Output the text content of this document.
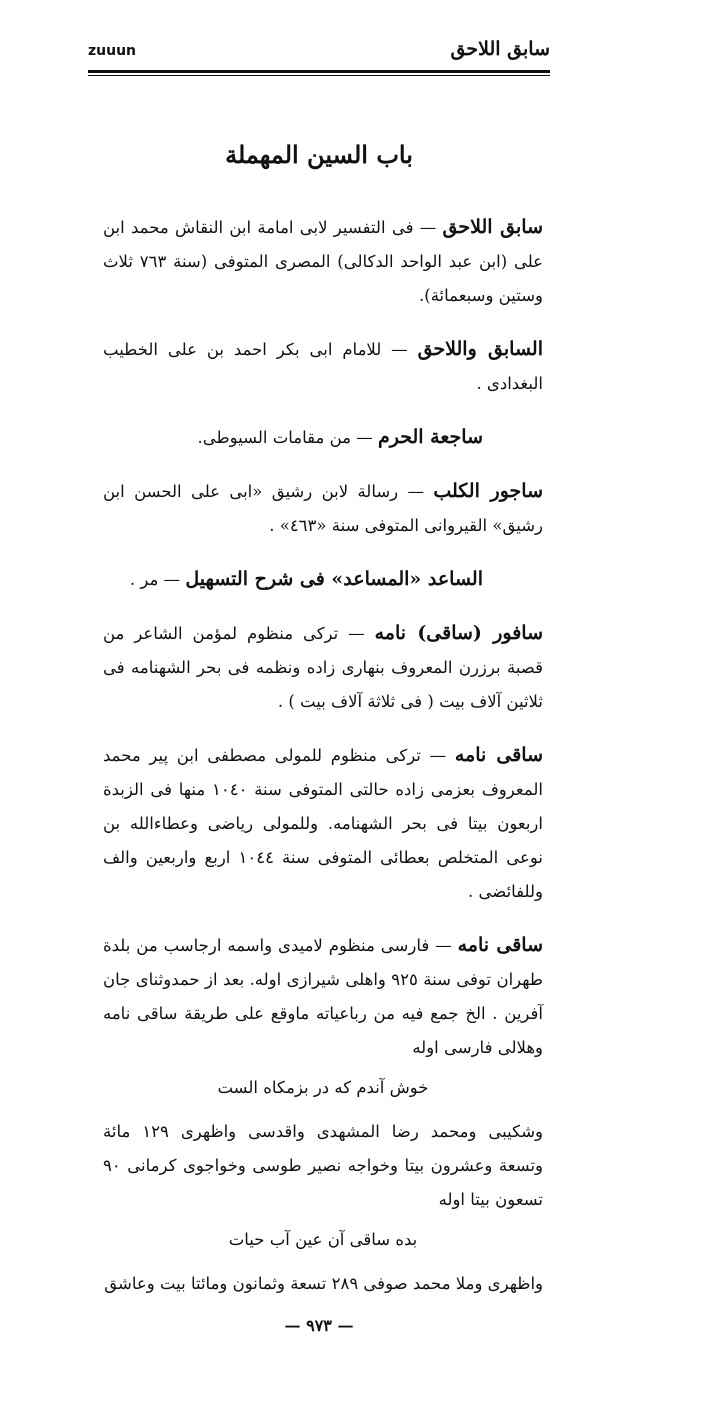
سابق اللاحق
zuuun
باب السين المهملة

سابق اللاحق — فى التفسير لابى امامة ابن النقاش محمد ابن على (ابن عبد الواحد الدكالى) المصرى المتوفى (سنة ٧٦٣ ثلاث وستين وسبعمائة).

السابق واللاحق — للامام ابى بكر احمد بن على الخطيب البغدادى .

ساجعة الحرم — من مقامات السيوطى.

ساجور الكلب — رسالة لابن رشيق «ابى على الحسن ابن رشيق» القيروانى المتوفى سنة «٤٦٣» .

الساعد «المساعد» فى شرح التسهيل — مر .

سافور (ساقى) نامه — تركى منظوم لمؤمن الشاعر من قصبة برزرن المعروف بنهارى زاده ونظمه فى بحر الشهنامه فى ثلاثين آلاف بيت ( فى ثلاثة آلاف بيت ) .

ساقى نامه — تركى منظوم للمولى مصطفى ابن پير محمد المعروف بعزمى زاده حالتى المتوفى سنة ١٠٤٠ منها فى الزبدة اربعون بيتا فى بحر الشهنامه. وللمولى رياضى وعطاءالله بن نوعى المتخلص بعطائى المتوفى سنة ١٠٤٤ اربع واربعين والف وللفائضى .

ساقى نامه — فارسى منظوم لاميدى واسمه ارجاسب من بلدة طهران توفى سنة ٩٢٥ واهلى شيرازى اوله. بعد از حمدوثناى جان آفرين . الخ جمع فيه من رباعياته ماوقع على طريقة ساقى نامه وهلالى فارسى اوله

خوش آندم كه در بزمكاه الست

وشكيبى ومحمد رضا المشهدى واقدسى واظهرى ١٢٩ مائة وتسعة وعشرون بيتا وخواجه نصير طوسى وخواجوى كرمانى ٩٠ تسعون بيتا اوله

بده ساقى آن عين آب حيات

واظهرى وملا محمد صوفى ٢٨٩ تسعة وثمانون ومائتا بيت وعاشق

— ٩٧٣ —
